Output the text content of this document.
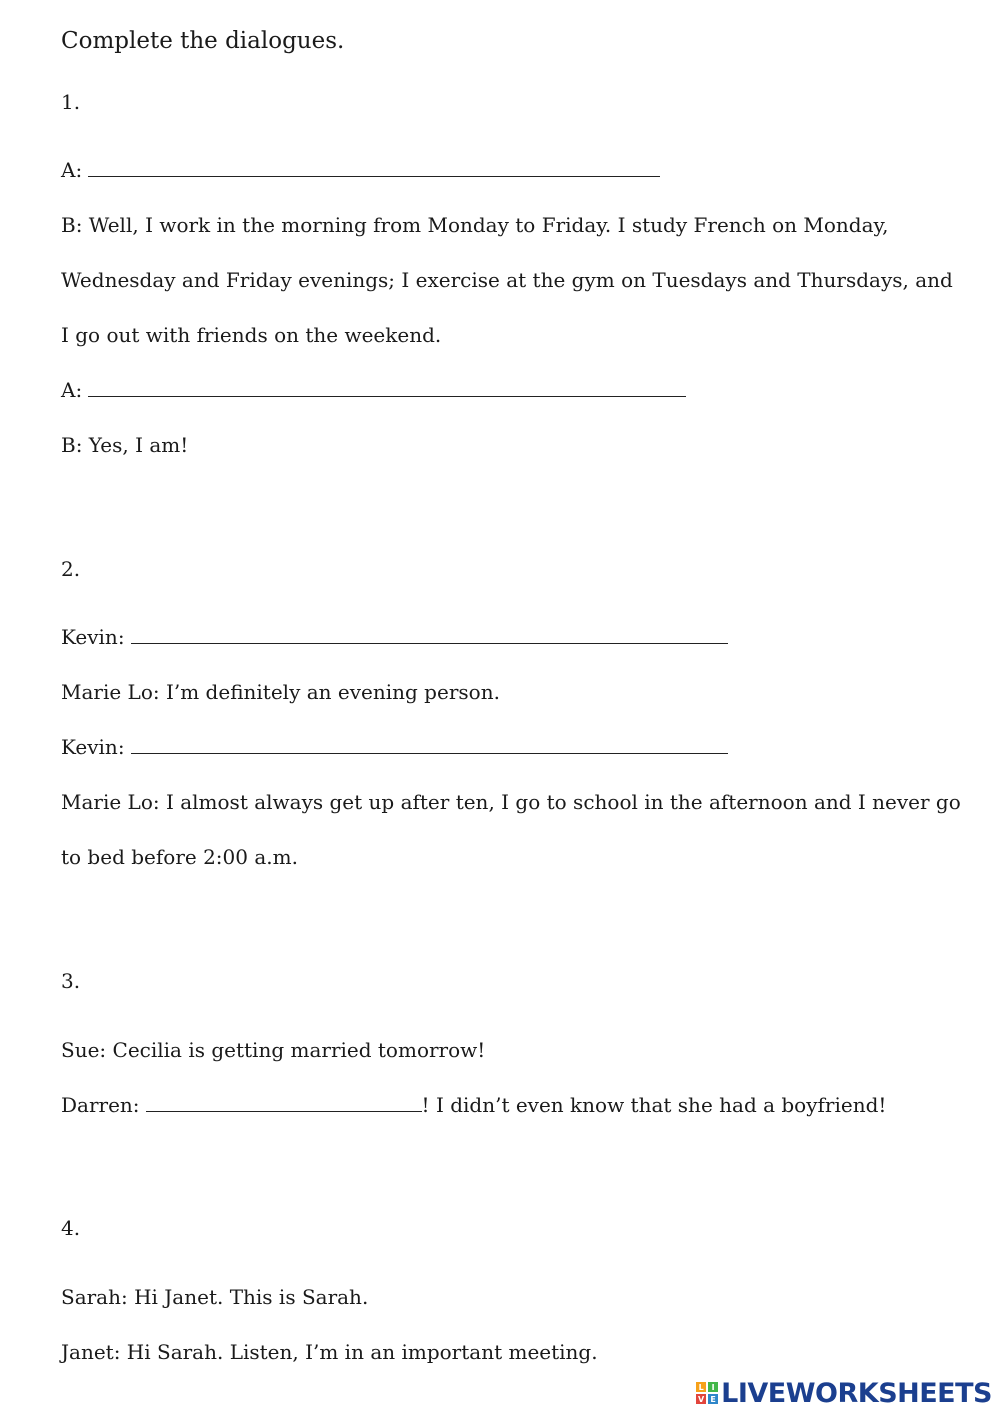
Complete the dialogues.
1.
A:
B: Well, I work in the morning from Monday to Friday. I study French on Monday,
Wednesday and Friday evenings; I exercise at the gym on Tuesdays and Thursdays, and
I go out with friends on the weekend.
A:
B: Yes, I am!
2.
Kevin:
Marie Lo: I’m definitely an evening person.
Kevin:
Marie Lo: I almost always get up after ten, I go to school in the afternoon and I never go
to bed before 2:00 a.m.
3.
Sue: Cecilia is getting married tomorrow!
Darren:	! I didn’t even know that she had a boyfriend!
4.
Sarah: Hi Janet. This is Sarah.
Janet: Hi Sarah. Listen, I’m in an important meeting.
L I
V E LIVEWORKSHEETS
